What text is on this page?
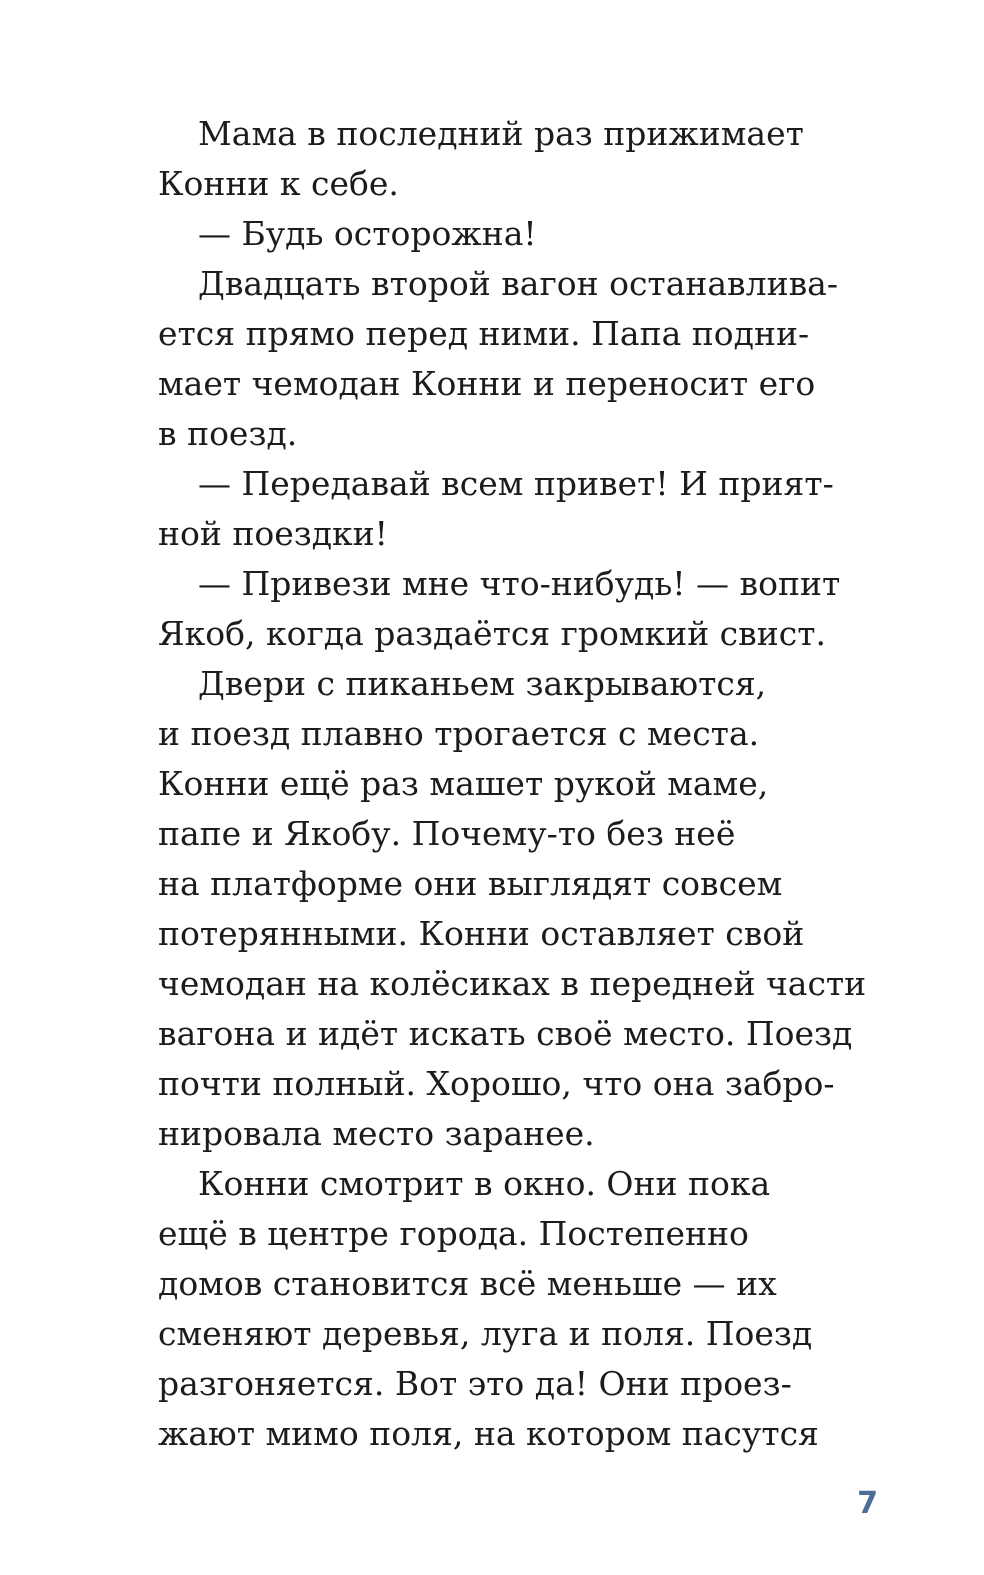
Мама в последний раз прижимает
Конни к себе.
— Будь осторожна!
Двадцать второй вагон останавлива-
ется прямо перед ними. Папа подни-
мает чемодан Конни и переносит его
в поезд.
— Передавай всем привет! И прият-
ной поездки!
— Привези мне что-нибудь! — вопит
Якоб, когда раздаётся громкий свист.
Двери с пиканьем закрываются,
и поезд плавно трогается с места.
Конни ещё раз машет рукой маме,
папе и Якобу. Почему-то без неё
на платформе они выглядят совсем
потерянными. Конни оставляет свой
чемодан на колёсиках в передней части
вагона и идёт искать своё место. Поезд
почти полный. Хорошо, что она забро-
нировала место заранее.
Конни смотрит в окно. Они пока
ещё в центре города. Постепенно
домов становится всё меньше — их
сменяют деревья, луга и поля. Поезд
разгоняется. Вот это да! Они проез-
жают мимо поля, на котором пасутся
7
